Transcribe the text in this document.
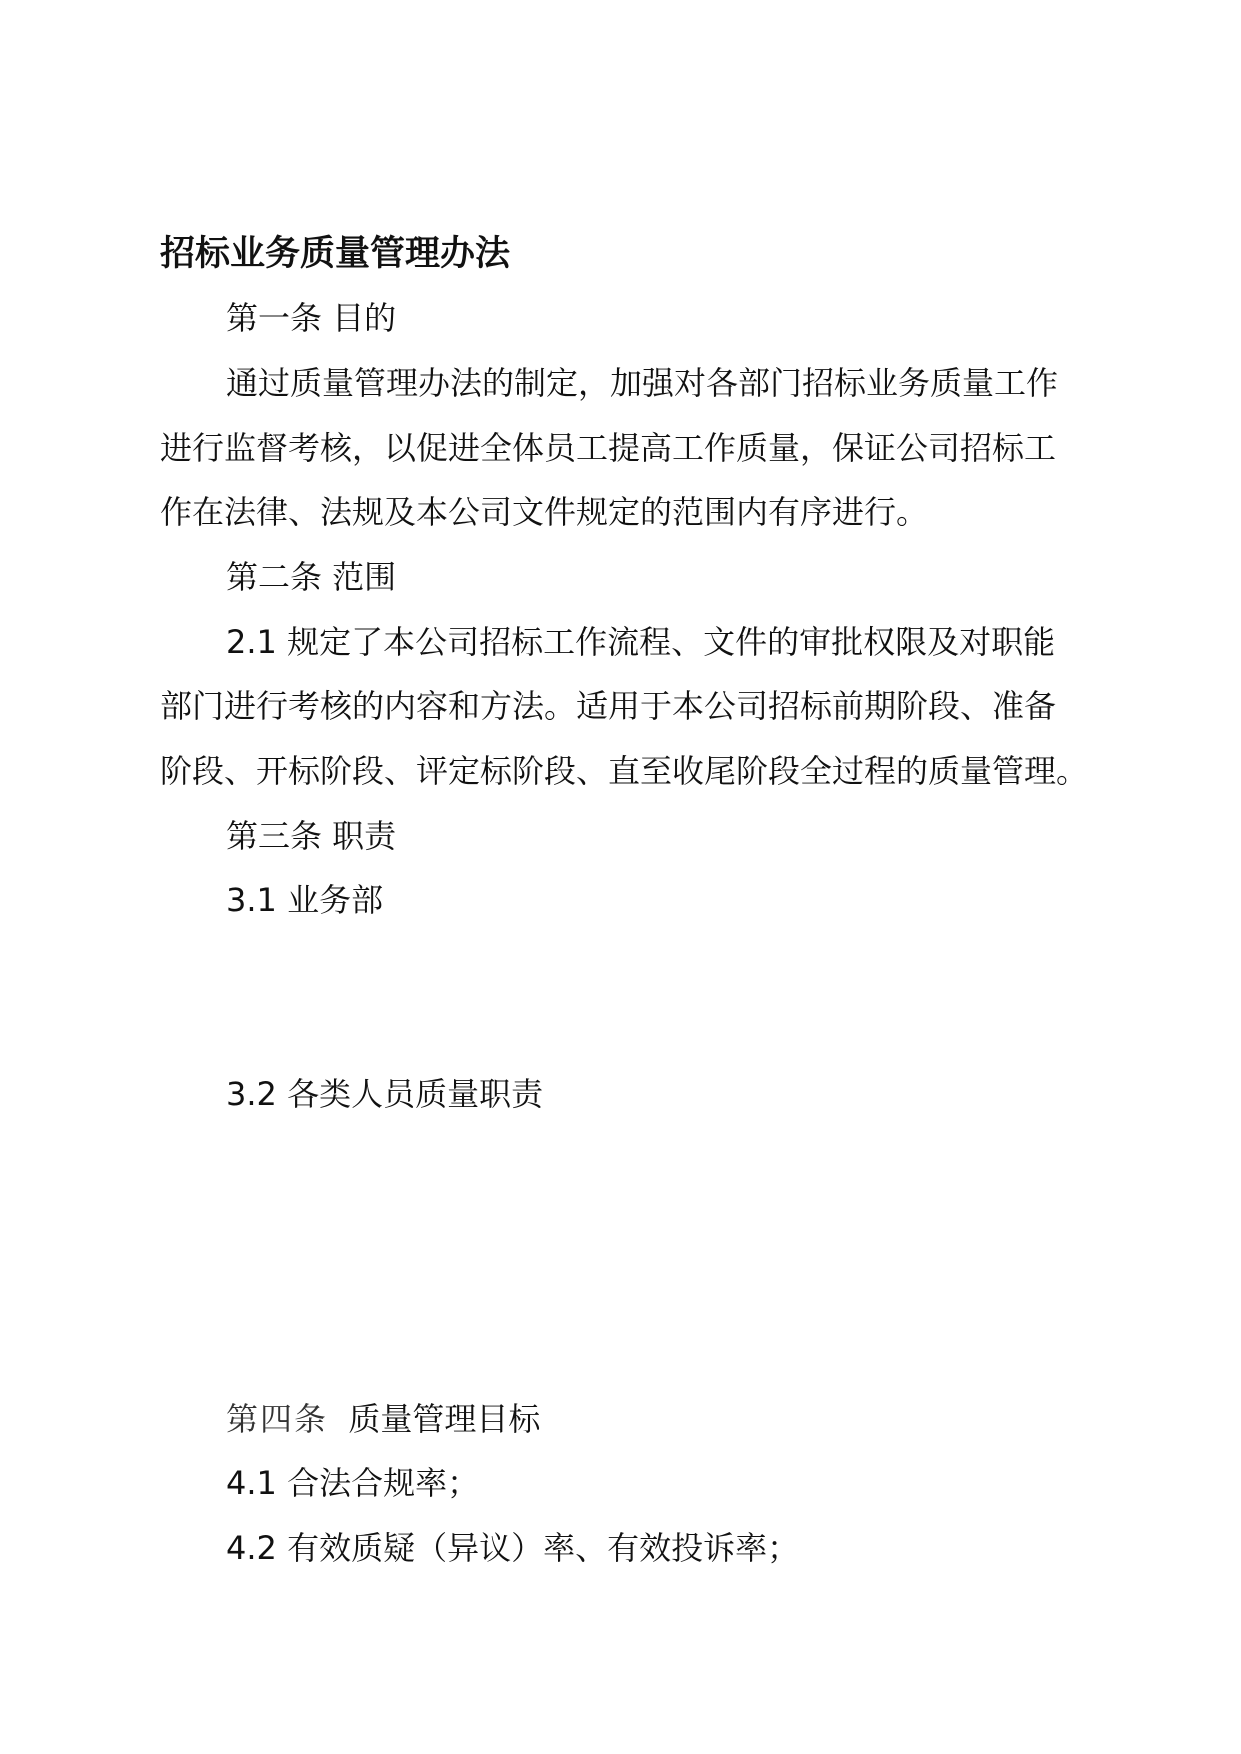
招标业务质量管理办法

第一条 目的

通过质量管理办法的制定，加强对各部门招标业务质量工作

进行监督考核，以促进全体员工提高工作质量，保证公司招标工

作在法律、法规及本公司文件规定的范围内有序进行。

第二条 范围

2.1 规定了本公司招标工作流程、文件的审批权限及对职能

部门进行考核的内容和方法。适用于本公司招标前期阶段、准备

阶段、开标阶段、评定标阶段、直至收尾阶段全过程的质量管理。

第三条 职责

3.1 业务部

3.2 各类人员质量职责

第四条 质量管理目标

4.1 合法合规率；

4.2 有效质疑（异议）率、有效投诉率；
